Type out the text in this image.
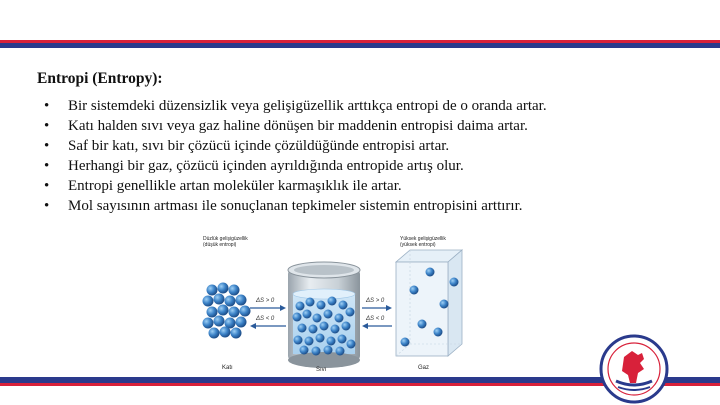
Entropi (Entropy):
•	Bir sistemdeki düzensizlik veya gelişigüzellik arttıkça entropi de o oranda artar.
•	Katı halden sıvı veya gaz haline dönüşen bir maddenin entropisi daima artar.
•	Saf bir katı, sıvı bir çözücü içinde çözüldüğünde entropisi artar.
•	Herhangi bir gaz, çözücü içinden ayrıldığında entropide artış olur.
•	Entropi genellikle artan moleküler karmaşıklık ile artar.
•	Mol sayısının artması ile sonuçlanan tepkimeler sistemin entropisini arttırır.
Düzlük gelişigüzellik
(düşük entropi)
Yüksek gelişigüzellik
(yüksek entropi)
ΔS > 0
ΔS < 0
ΔS > 0
ΔS < 0
Katı	Sıvı	Gaz
